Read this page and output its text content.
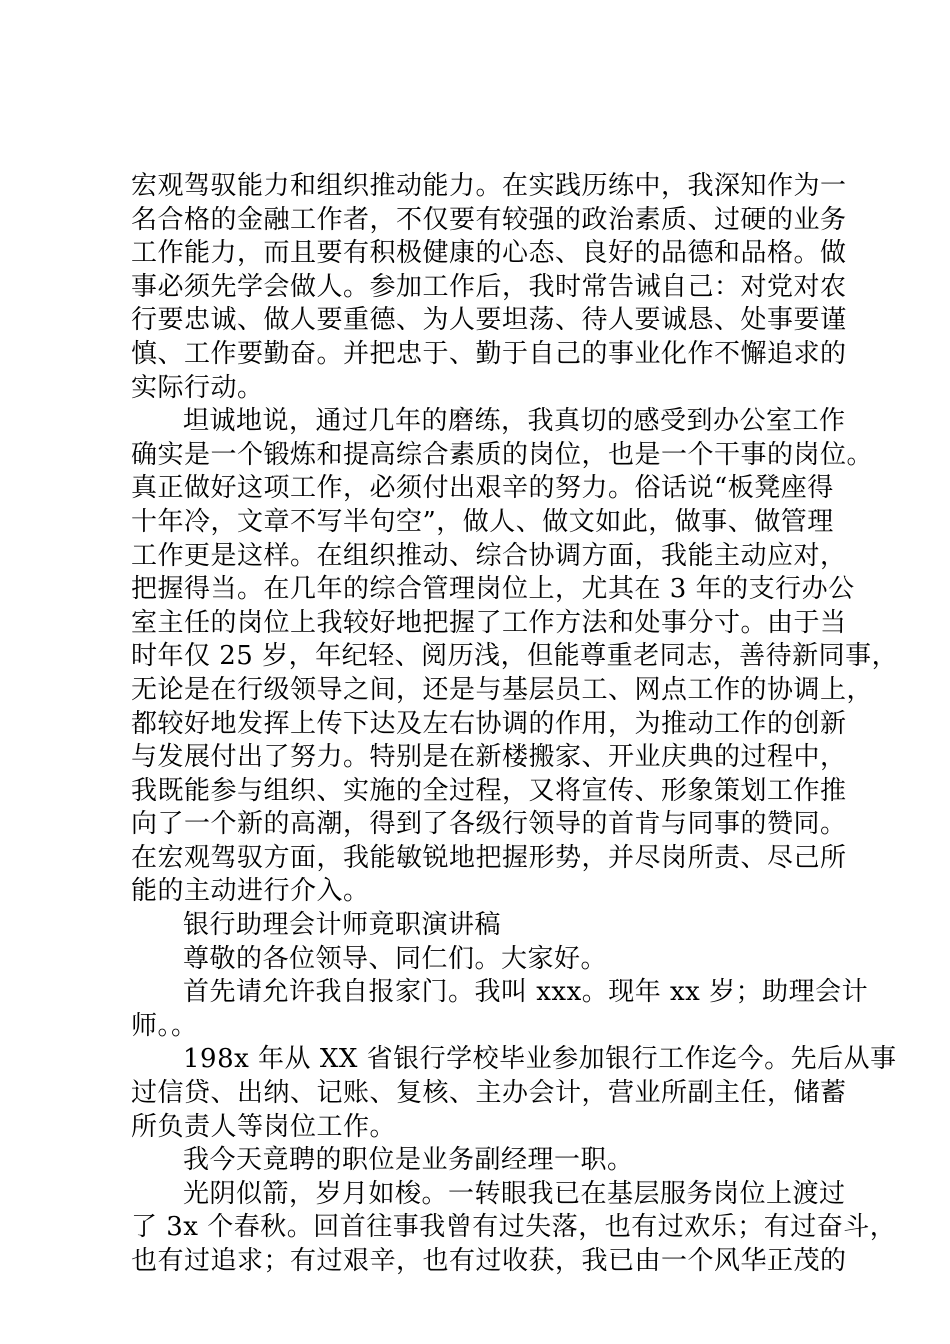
宏观驾驭能力和组织推动能力。在实践历练中，我深知作为一
名合格的金融工作者，不仅要有较强的政治素质、过硬的业务
工作能力，而且要有积极健康的心态、良好的品德和品格。做
事必须先学会做人。参加工作后，我时常告诫自己：对党对农
行要忠诚、做人要重德、为人要坦荡、待人要诚恳、处事要谨
慎、工作要勤奋。并把忠于、勤于自己的事业化作不懈追求的
实际行动。
坦诚地说，通过几年的磨练，我真切的感受到办公室工作
确实是一个锻炼和提高综合素质的岗位，也是一个干事的岗位。
真正做好这项工作，必须付出艰辛的努力。俗话说“板凳座得
十年冷，文章不写半句空”，做人、做文如此，做事、做管理
工作更是这样。在组织推动、综合协调方面，我能主动应对，
把握得当。在几年的综合管理岗位上，尤其在 3 年的支行办公
室主任的岗位上我较好地把握了工作方法和处事分寸。由于当
时年仅 25 岁，年纪轻、阅历浅，但能尊重老同志，善待新同事，
无论是在行级领导之间，还是与基层员工、网点工作的协调上，
都较好地发挥上传下达及左右协调的作用，为推动工作的创新
与发展付出了努力。特别是在新楼搬家、开业庆典的过程中，
我既能参与组织、实施的全过程，又将宣传、形象策划工作推
向了一个新的高潮，得到了各级行领导的首肯与同事的赞同。
在宏观驾驭方面，我能敏锐地把握形势，并尽岗所责、尽己所
能的主动进行介入。
银行助理会计师竟职演讲稿
尊敬的各位领导、同仁们。大家好。
首先请允许我自报家门。我叫 xxx。现年 xx 岁；助理会计
师。。
198x 年从 XX 省银行学校毕业参加银行工作迄今。先后从事
过信贷、出纳、记账、复核、主办会计，营业所副主任，储蓄
所负责人等岗位工作。
我今天竟聘的职位是业务副经理一职。
光阴似箭，岁月如梭。一转眼我已在基层服务岗位上渡过
了 3x 个春秋。回首往事我曾有过失落，也有过欢乐；有过奋斗，
也有过追求；有过艰辛，也有过收获，我已由一个风华正茂的
